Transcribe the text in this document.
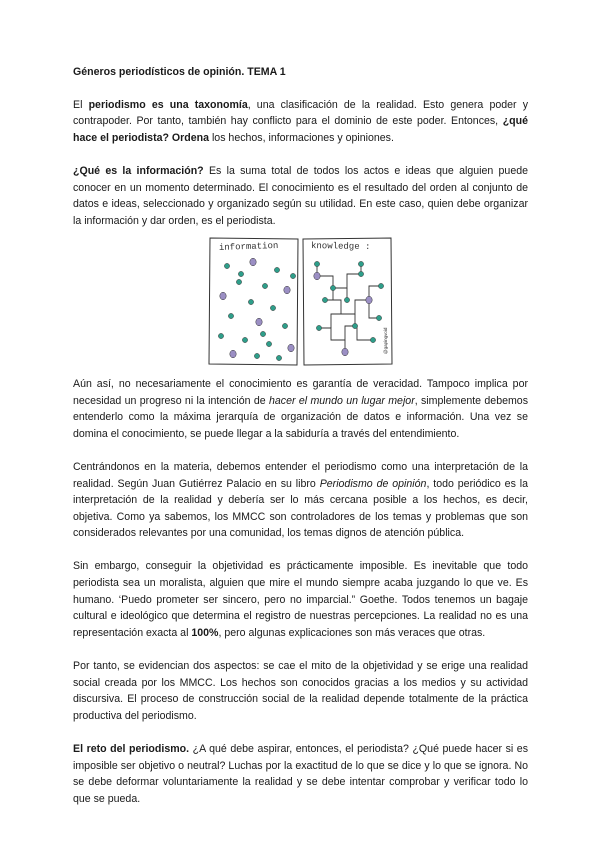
Géneros periodísticos de opinión. TEMA 1

El periodismo es una taxonomía, una clasificación de la realidad. Esto genera poder y contrapoder. Por tanto, también hay conflicto para el dominio de este poder. Entonces, ¿qué hace el periodista? Ordena los hechos, informaciones y opiniones.

¿Qué es la información? Es la suma total de todos los actos e ideas que alguien puede conocer en un momento determinado. El conocimiento es el resultado del orden al conjunto de datos e ideas, seleccionado y organizado según su utilidad. En este caso, quien debe organizar la información y dar orden, es el periodista.

information	knowledge :
@gapingvoid

Aún así, no necesariamente el conocimiento es garantía de veracidad. Tampoco implica por necesidad un progreso ni la intención de hacer el mundo un lugar mejor, simplemente debemos entenderlo como la máxima jerarquía de organización de datos e información. Una vez se domina el conocimiento, se puede llegar a la sabiduría a través del entendimiento.

Centrándonos en la materia, debemos entender el periodismo como una interpretación de la realidad. Según Juan Gutiérrez Palacio en su libro Periodismo de opinión, todo periódico es la interpretación de la realidad y debería ser lo más cercana posible a los hechos, es decir, objetiva. Como ya sabemos, los MMCC son controladores de los temas y problemas que son considerados relevantes por una comunidad, los temas dignos de atención pública.

Sin embargo, conseguir la objetividad es prácticamente imposible. Es inevitable que todo periodista sea un moralista, alguien que mire el mundo siempre acaba juzgando lo que ve. Es humano. ‘Puedo prometer ser sincero, pero no imparcial.” Goethe. Todos tenemos un bagaje cultural e ideológico que determina el registro de nuestras percepciones. La realidad no es una representación exacta al 100%, pero algunas explicaciones son más veraces que otras.

Por tanto, se evidencian dos aspectos: se cae el mito de la objetividad y se erige una realidad social creada por los MMCC. Los hechos son conocidos gracias a los medios y su actividad discursiva. El proceso de construcción social de la realidad depende totalmente de la práctica productiva del periodismo.

El reto del periodismo. ¿A qué debe aspirar, entonces, el periodista? ¿Qué puede hacer si es imposible ser objetivo o neutral? Luchas por la exactitud de lo que se dice y lo que se ignora. No se debe deformar voluntariamente la realidad y se debe intentar comprobar y verificar todo lo que se pueda.
